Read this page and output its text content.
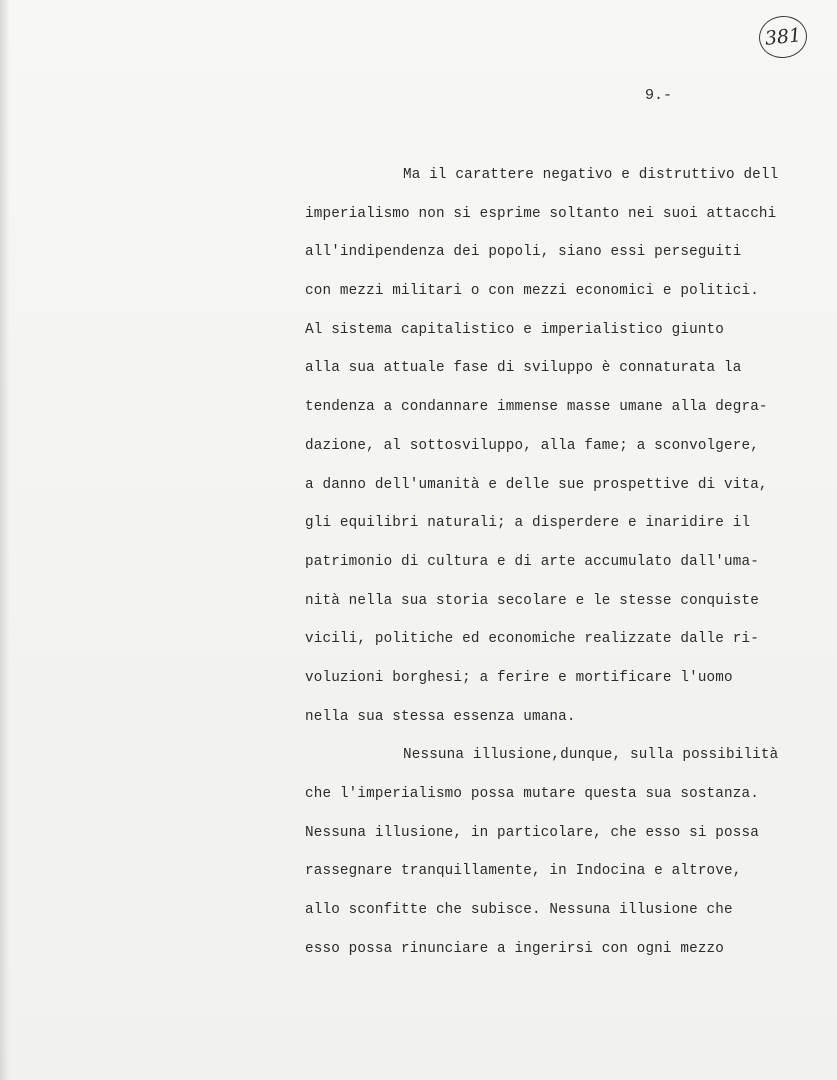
381
9.-
Ma il carattere negativo e distruttivo dell
imperialismo non si esprime soltanto nei suoi attacchi
all'indipendenza dei popoli, siano essi perseguiti
con mezzi militari o con mezzi economici e politici.
Al sistema capitalistico e imperialistico giunto
alla sua attuale fase di sviluppo è connaturata la
tendenza a condannare immense masse umane alla degra-
dazione, al sottosviluppo, alla fame; a sconvolgere,
a danno dell'umanità e delle sue prospettive di vita,
gli equilibri naturali; a disperdere e inaridire il
patrimonio di cultura e di arte accumulato dall'uma-
nità nella sua storia secolare e le stesse conquiste
vicili, politiche ed economiche realizzate dalle ri-
voluzioni borghesi; a ferire e mortificare l'uomo
nella sua stessa essenza umana.
Nessuna illusione,dunque, sulla possibilità
che l'imperialismo possa mutare questa sua sostanza.
Nessuna illusione, in particolare, che esso si possa
rassegnare tranquillamente, in Indocina e altrove,
allo sconfitte che subisce. Nessuna illusione che
esso possa rinunciare a ingerirsi con ogni mezzo
